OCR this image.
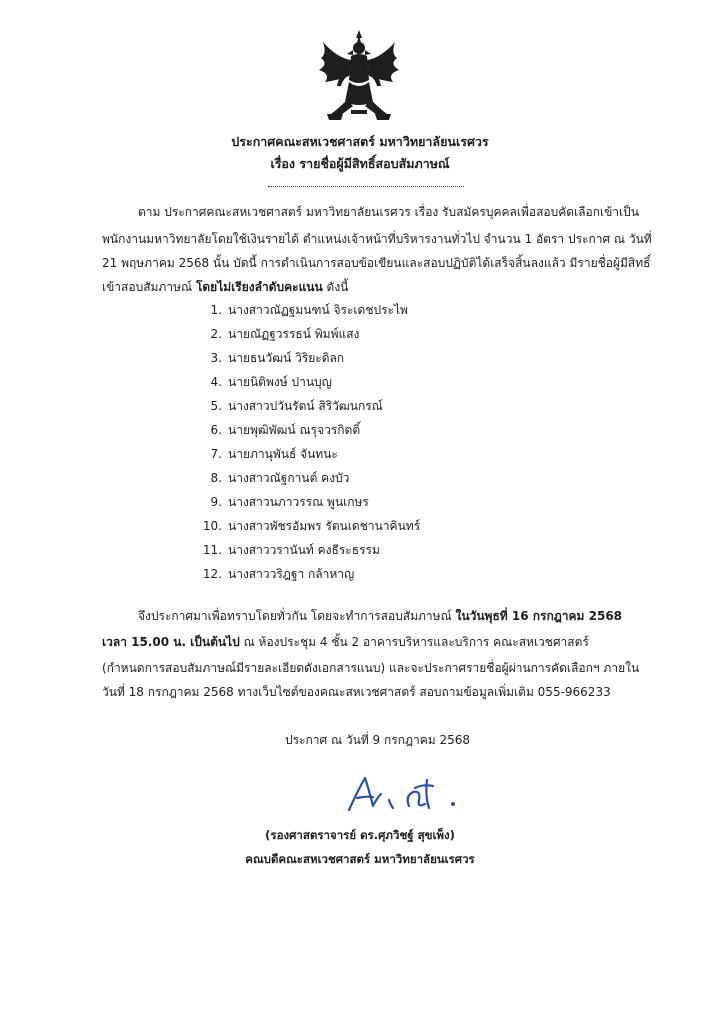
ประกาศคณะสหเวชศาสตร์ มหาวิทยาลัยนเรศวร
เรื่อง รายชื่อผู้มีสิทธิ์สอบสัมภาษณ์
ตาม ประกาศคณะสหเวชศาสตร์ มหาวิทยาลัยนเรศวร เรื่อง รับสมัครบุคคลเพื่อสอบคัดเลือกเข้าเป็น
พนักงานมหาวิทยาลัยโดยใช้เงินรายได้ ตำแหน่งเจ้าหน้าที่บริหารงานทั่วไป จำนวน 1 อัตรา ประกาศ ณ วันที่
21 พฤษภาคม 2568 นั้น บัดนี้ การดำเนินการสอบข้อเขียนและสอบปฏิบัติได้เสร็จสิ้นลงแล้ว มีรายชื่อผู้มีสิทธิ์
เข้าสอบสัมภาษณ์ โดยไม่เรียงลำดับคะแนน ดังนี้
1. นางสาวณัฏฐมนฑน์ จิระเดชประไพ
2. นายณัฏฐวรรธน์ พิมพ์แสง
3. นายธนวัฒน์ วิริยะดิลก
4. นายนิติพงษ์ ปานบุญ
5. นางสาวปวันรัตน์ สิริวัฒนกรณ์
6. นายพุฒิพัฒน์ ณรุจวรกิตติ์
7. นายภานุพันธ์ จันทนะ
8. นางสาวณัฐกานต์ คงบัว
9. นางสาวนภาวรรณ พูนเกษร
10. นางสาวพัชรอัมพร รัตนเดชานาคินทร์
11. นางสาววรานันท์ คงธีระธรรม
12. นางสาววริฎฐา กล้าหาญ
จึงประกาศมาเพื่อทราบโดยทั่วกัน โดยจะทำการสอบสัมภาษณ์ ในวันพุธที่ 16 กรกฎาคม 2568
เวลา 15.00 น. เป็นต้นไป ณ ห้องประชุม 4 ชั้น 2 อาคารบริหารและบริการ คณะสหเวชศาสตร์
(กำหนดการสอบสัมภาษณ์มีรายละเอียดดังเอกสารแนบ) และจะประกาศรายชื่อผู้ผ่านการคัดเลือกฯ ภายใน
วันที่ 18 กรกฎาคม 2568 ทางเว็บไซต์ของคณะสหเวชศาสตร์ สอบถามข้อมูลเพิ่มเติม 055-966233
ประกาศ ณ วันที่ 9 กรกฎาคม 2568
(รองศาสตราจารย์ ดร.ศุภวิชฐ์ สุขเพ็ง)
คณบดีคณะสหเวชศาสตร์ มหาวิทยาลัยนเรศวร
